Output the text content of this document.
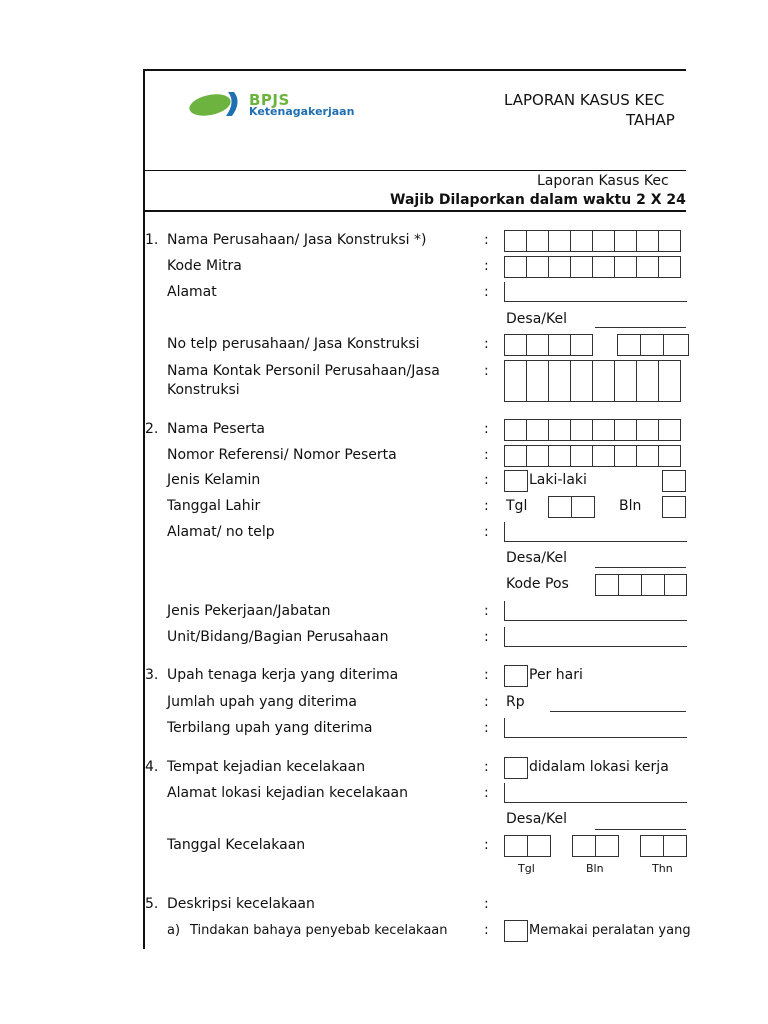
BPJS
Ketenagakerjaan
LAPORAN KASUS KEC
TAHAP
Laporan Kasus Kec
Wajib Dilaporkan dalam waktu 2 X 24
1. Nama Perusahaan/ Jasa Konstruksi *)	:
Kode Mitra	:
Alamat	:
Desa/Kel
No telp perusahaan/ Jasa Konstruksi	:
Nama Kontak Personil Perusahaan/Jasa
Konstruksi
:
2. Nama Peserta	:
Nomor Referensi/ Nomor Peserta	:
Jenis Kelamin	:	Laki-laki
Tanggal Lahir	: Tgl	Bln
Alamat/ no telp	:
Desa/Kel
Kode Pos
Jenis Pekerjaan/Jabatan	:
Unit/Bidang/Bagian Perusahaan	:
3. Upah tenaga kerja yang diterima	:	Per hari
Jumlah upah yang diterima	: Rp
Terbilang upah yang diterima	:
4. Tempat kejadian kecelakaan	:	didalam lokasi kerja
Alamat lokasi kejadian kecelakaan	:
Desa/Kel
Tanggal Kecelakaan	:
Tgl	Bln	Thn
5. Deskripsi kecelakaan	:
a) Tindakan bahaya penyebab kecelakaan	:	Memakai peralatan yang
